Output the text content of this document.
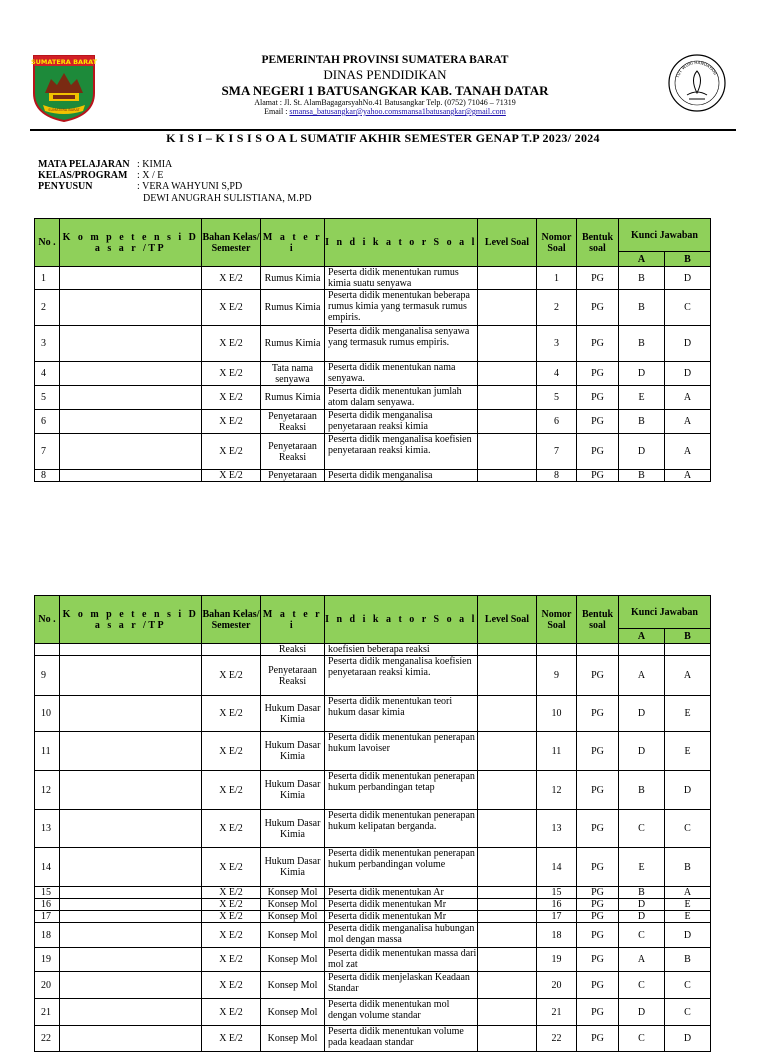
SUMATERA BARAT
SUMATERA BARAT
TUT WURI HANDAYANI
PEMERINTAH PROVINSI SUMATERA BARAT
DINAS PENDIDIKAN
SMA NEGERI 1 BATUSANGKAR KAB. TANAH DATAR
Alamat : Jl. St. AlamBagagarsyahNo.41 Batusangkar Telp. (0752) 71046 – 71319
Email : smansa_batusangkar@yahoo.comsmansa1batusangkar@gmail.com
K I S I – K I S I S O A L SUMATIF AKHIR SEMESTER GENAP T.P 2023/ 2024
MATA PELAJARAN : KIMIA
KELAS/PROGRAM : X / E
PENYUSUN	: VERA WAHYUNI S,PD
DEWI ANUGRAH SULISTIANA, M.PD
No .	K o m p e t e n s i D a s a r /TP	Bahan Kelas/ Semester	M a t e r i	I n d i k a t o r S o a l	Level Soal	Nomor Soal	Bentuk soal	Kunci Jawaban	
								A	B
1		X E/2	Rumus Kimia	Peserta didik menentukan rumus kimia suatu senyawa		1	PG	B	D
2		X E/2	Rumus Kimia	Peserta didik menentukan beberapa rumus kimia yang termasuk rumus empiris.		2	PG	B	C
3		X E/2	Rumus Kimia	Peserta didik menganalisa senyawa yang termasuk rumus empiris.		3	PG	B	D
4		X E/2	Tata nama senyawa	Peserta didik menentukan nama senyawa.		4	PG	D	D
5		X E/2	Rumus Kimia	Peserta didik menentukan jumlah atom dalam senyawa.		5	PG	E	A
6		X E/2	Penyetaraan Reaksi	Peserta didik menganalisa penyetaraan reaksi kimia		6	PG	B	A
7		X E/2	Penyetaraan Reaksi	Peserta didik menganalisa koefisien penyetaraan reaksi kimia.		7	PG	D	A
8		X E/2	Penyetaraan	Peserta didik menganalisa		8	PG	B	A
No .	K o m p e t e n s i D a s a r /TP	Bahan Kelas/ Semester	M a t e r i	I n d i k a t o r S o a l	Level Soal	Nomor Soal	Bentuk soal	Kunci Jawaban	
								A	B
			Reaksi	koefisien beberapa reaksi					
9		X E/2	Penyetaraan Reaksi	Peserta didik menganalisa koefisien penyetaraan reaksi kimia.		9	PG	A	A
10		X E/2	Hukum Dasar Kimia	Peserta didik menentukan teori hukum dasar kimia		10	PG	D	E
11		X E/2	Hukum Dasar Kimia	Peserta didik menentukan penerapan hukum lavoiser		11	PG	D	E
12		X E/2	Hukum Dasar Kimia	Peserta didik menentukan penerapan hukum perbandingan tetap		12	PG	B	D
13		X E/2	Hukum Dasar Kimia	Peserta didik menentukan penerapan hukum kelipatan berganda.		13	PG	C	C
14		X E/2	Hukum Dasar Kimia	Peserta didik menentukan penerapan hukum perbandingan volume		14	PG	E	B
15		X E/2	Konsep Mol	Peserta didik menentukan Ar		15	PG	B	A
16		X E/2	Konsep Mol	Peserta didik menentukan Mr		16	PG	D	E
17		X E/2	Konsep Mol	Peserta didik menentukan Mr		17	PG	D	E
18		X E/2	Konsep Mol	Peserta didik menganalisa hubungan mol dengan massa		18	PG	C	D
19		X E/2	Konsep Mol	Peserta didik menentukan massa dari mol zat		19	PG	A	B
20		X E/2	Konsep Mol	Peserta didik menjelaskan Keadaan Standar		20	PG	C	C
21		X E/2	Konsep Mol	Peserta didik menentukan mol dengan volume standar		21	PG	D	C
22		X E/2	Konsep Mol	Peserta didik menentukan volume pada keadaan standar		22	PG	C	D
